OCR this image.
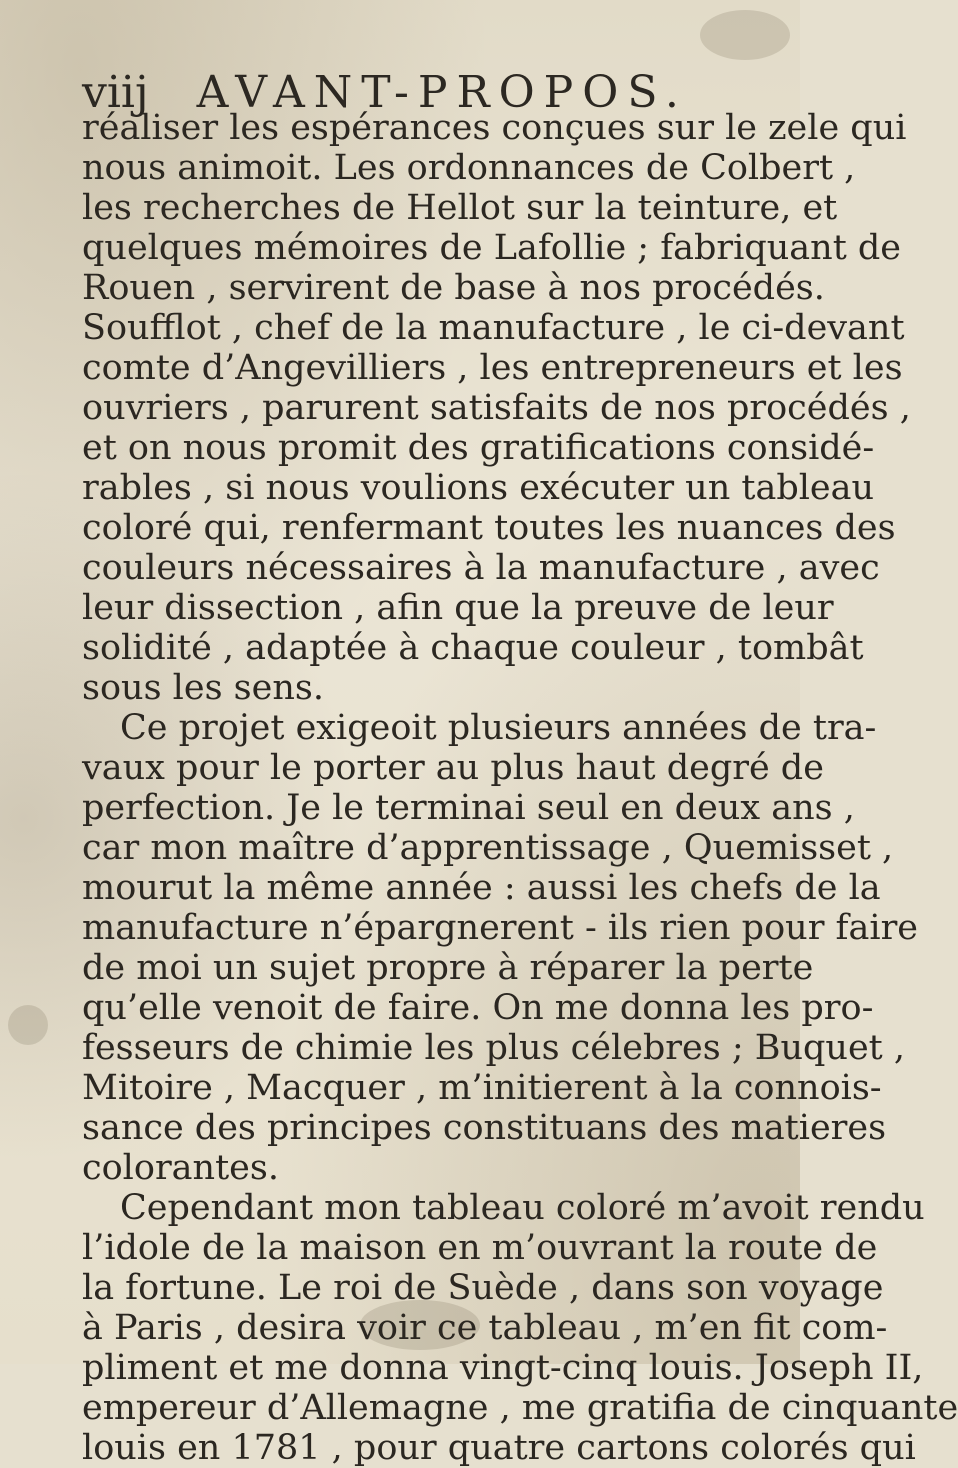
viij AVANT-PROPOS.
réaliser les espérances conçues sur le zele qui
nous animoit. Les ordonnances de Colbert ,
les recherches de Hellot sur la teinture, et
quelques mémoires de Lafollie ; fabriquant de
Rouen , servirent de base à nos procédés.
Soufflot , chef de la manufacture , le ci-devant
comte d’Angevilliers , les entrepreneurs et les
ouvriers , parurent satisfaits de nos procédés ,
et on nous promit des gratifications considé-
rables , si nous voulions exécuter un tableau
coloré qui, renfermant toutes les nuances des
couleurs nécessaires à la manufacture , avec
leur dissection , afin que la preuve de leur
solidité , adaptée à chaque couleur , tombât
sous les sens.
Ce projet exigeoit plusieurs années de tra-
vaux pour le porter au plus haut degré de
perfection. Je le terminai seul en deux ans ,
car mon maître d’apprentissage , Quemisset ,
mourut la même année : aussi les chefs de la
manufacture n’épargnerent - ils rien pour faire
de moi un sujet propre à réparer la perte
qu’elle venoit de faire. On me donna les pro-
fesseurs de chimie les plus célebres ; Buquet ,
Mitoire , Macquer , m’initierent à la connois-
sance des principes constituans des matieres
colorantes.
Cependant mon tableau coloré m’avoit rendu
l’idole de la maison en m’ouvrant la route de
la fortune. Le roi de Suède , dans son voyage
à Paris , desira voir ce tableau , m’en fit com-
pliment et me donna vingt-cinq louis. Joseph II,
empereur d’Allemagne , me gratifia de cinquante
louis en 1781 , pour quatre cartons colorés qui
